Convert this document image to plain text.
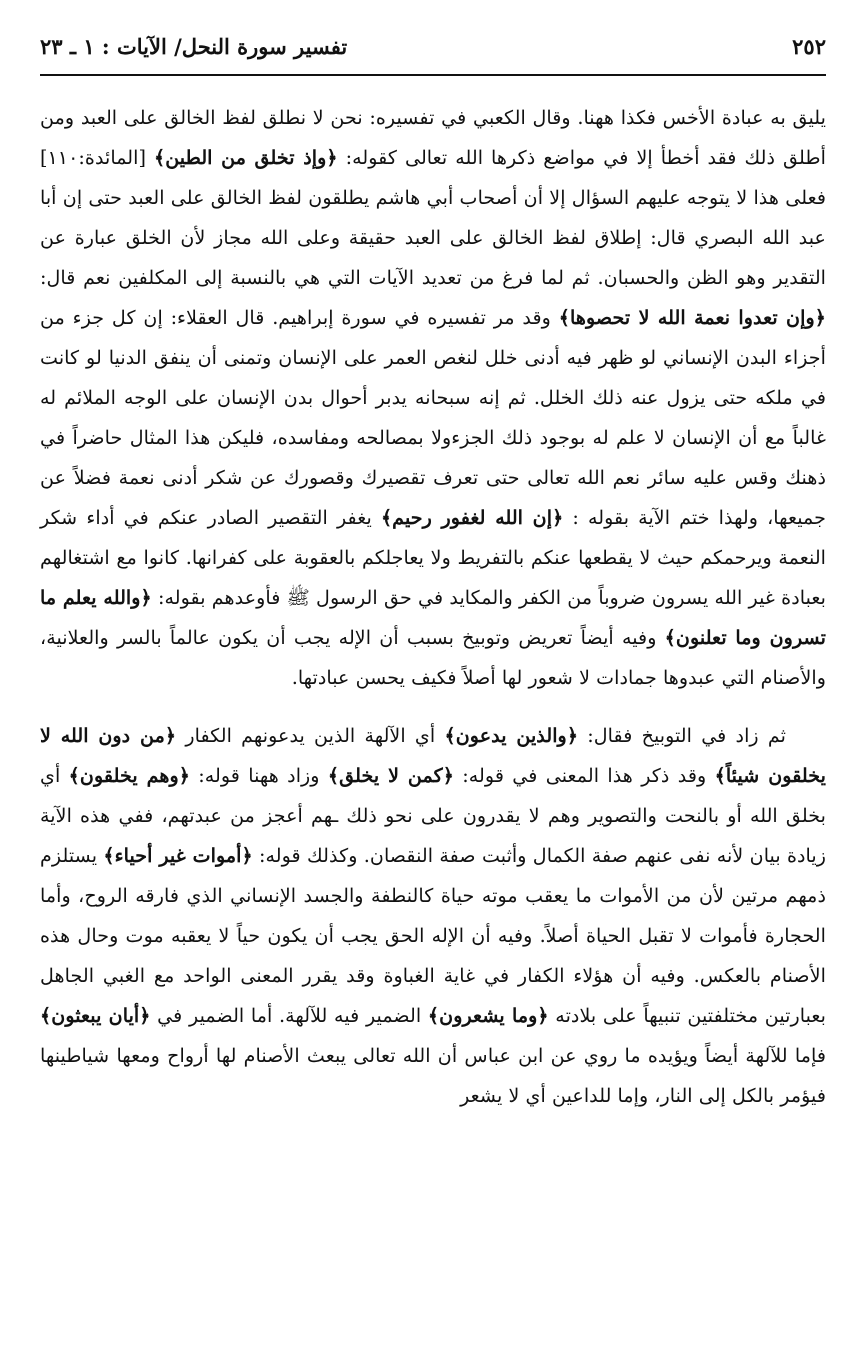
٢٥٢
تفسير سورة النحل/ الآيات : ١ ـ ٢٣

يليق به عبادة الأخس فكذا ههنا. وقال الكعبي في تفسيره: نحن لا نطلق لفظ الخالق على العبد ومن أطلق ذلك فقد أخطأ إلا في مواضع ذكرها الله تعالى كقوله: ﴿وإذ تخلق من الطين﴾ [المائدة:١١٠] فعلى هذا لا يتوجه عليهم السؤال إلا أن أصحاب أبي هاشم يطلقون لفظ الخالق على العبد حتى إن أبا عبد الله البصري قال: إطلاق لفظ الخالق على العبد حقيقة وعلى الله مجاز لأن الخلق عبارة عن التقدير وهو الظن والحسبان. ثم لما فرغ من تعديد الآيات التي هي بالنسبة إلى المكلفين نعم قال: ﴿وإن تعدوا نعمة الله لا تحصوها﴾ وقد مر تفسيره في سورة إبراهيم. قال العقلاء: إن كل جزء من أجزاء البدن الإنساني لو ظهر فيه أدنى خلل لنغص العمر على الإنسان وتمنى أن ينفق الدنيا لو كانت في ملكه حتى يزول عنه ذلك الخلل. ثم إنه سبحانه يدبر أحوال بدن الإنسان على الوجه الملائم له غالباً مع أن الإنسان لا علم له بوجود ذلك الجزءولا بمصالحه ومفاسده، فليكن هذا المثال حاضراً في ذهنك وقس عليه سائر نعم الله تعالى حتى تعرف تقصيرك وقصورك عن شكر أدنى نعمة فضلاً عن جميعها، ولهذا ختم الآية بقوله : ﴿إن الله لغفور رحيم﴾ يغفر التقصير الصادر عنكم في أداء شكر النعمة ويرحمكم حيث لا يقطعها عنكم بالتفريط ولا يعاجلكم بالعقوبة على كفرانها. كانوا مع اشتغالهم بعبادة غير الله يسرون ضروباً من الكفر والمكايد في حق الرسول ﷺ فأوعدهم بقوله: ﴿والله يعلم ما تسرون وما تعلنون﴾ وفيه أيضاً تعريض وتوبيخ بسبب أن الإله يجب أن يكون عالماً بالسر والعلانية، والأصنام التي عبدوها جمادات لا شعور لها أصلاً فكيف يحسن عبادتها.

ثم زاد في التوبيخ فقال: ﴿والذين يدعون﴾ أي الآلهة الذين يدعونهم الكفار ﴿من دون الله لا يخلقون شيئاً﴾ وقد ذكر هذا المعنى في قوله: ﴿كمن لا يخلق﴾ وزاد ههنا قوله: ﴿وهم يخلقون﴾ أي بخلق الله أو بالنحت والتصوير وهم لا يقدرون على نحو ذلك ـهم أعجز من عبدتهم، ففي هذه الآية زيادة بيان لأنه نفى عنهم صفة الكمال وأثبت صفة النقصان. وكذلك قوله: ﴿أموات غير أحياء﴾ يستلزم ذمهم مرتين لأن من الأموات ما يعقب موته حياة كالنطفة والجسد الإنساني الذي فارقه الروح، وأما الحجارة فأموات لا تقبل الحياة أصلاً. وفيه أن الإله الحق يجب أن يكون حياً لا يعقبه موت وحال هذه الأصنام بالعكس. وفيه أن هؤلاء الكفار في غاية الغباوة وقد يقرر المعنى الواحد مع الغبي الجاهل بعبارتين مختلفتين تنبيهاً على بلادته ﴿وما يشعرون﴾ الضمير فيه للآلهة. أما الضمير في ﴿أيان يبعثون﴾ فإما للآلهة أيضاً ويؤيده ما روي عن ابن عباس أن الله تعالى يبعث الأصنام لها أرواح ومعها شياطينها فيؤمر بالكل إلى النار، وإما للداعين أي لا يشعر
